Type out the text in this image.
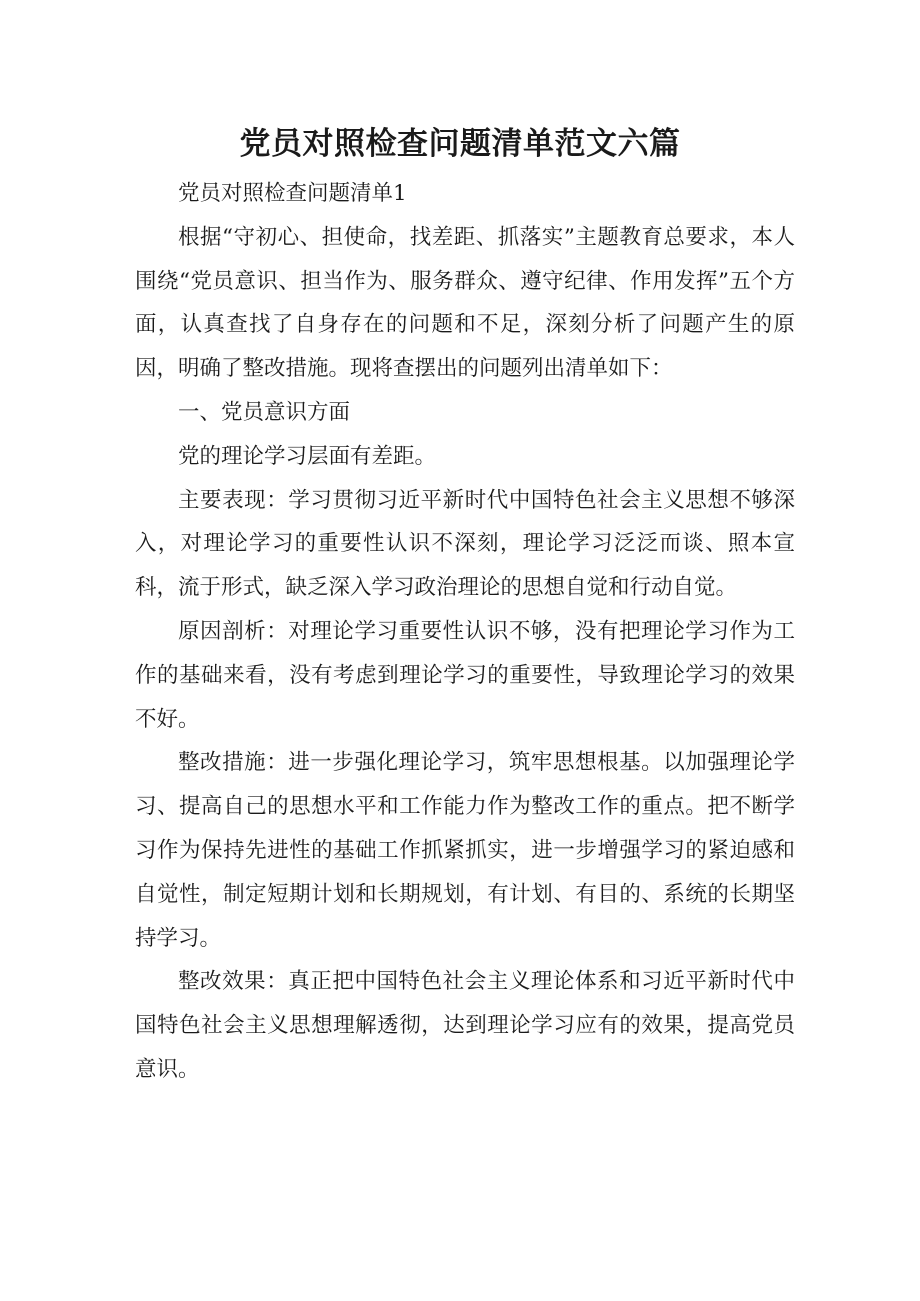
党员对照检查问题清单范文六篇

党员对照检查问题清单1

根据“守初心、担使命，找差距、抓落实”主题教育总要求，本人围绕“党员意识、担当作为、服务群众、遵守纪律、作用发挥”五个方面，认真查找了自身存在的问题和不足，深刻分析了问题产生的原因，明确了整改措施。现将查摆出的问题列出清单如下：

一、党员意识方面

党的理论学习层面有差距。

主要表现：学习贯彻习近平新时代中国特色社会主义思想不够深入，对理论学习的重要性认识不深刻，理论学习泛泛而谈、照本宣科，流于形式，缺乏深入学习政治理论的思想自觉和行动自觉。

原因剖析：对理论学习重要性认识不够，没有把理论学习作为工作的基础来看，没有考虑到理论学习的重要性，导致理论学习的效果不好。

整改措施：进一步强化理论学习，筑牢思想根基。以加强理论学习、提高自己的思想水平和工作能力作为整改工作的重点。把不断学习作为保持先进性的基础工作抓紧抓实，进一步增强学习的紧迫感和自觉性，制定短期计划和长期规划，有计划、有目的、系统的长期坚持学习。

整改效果：真正把中国特色社会主义理论体系和习近平新时代中国特色社会主义思想理解透彻，达到理论学习应有的效果，提高党员意识。
